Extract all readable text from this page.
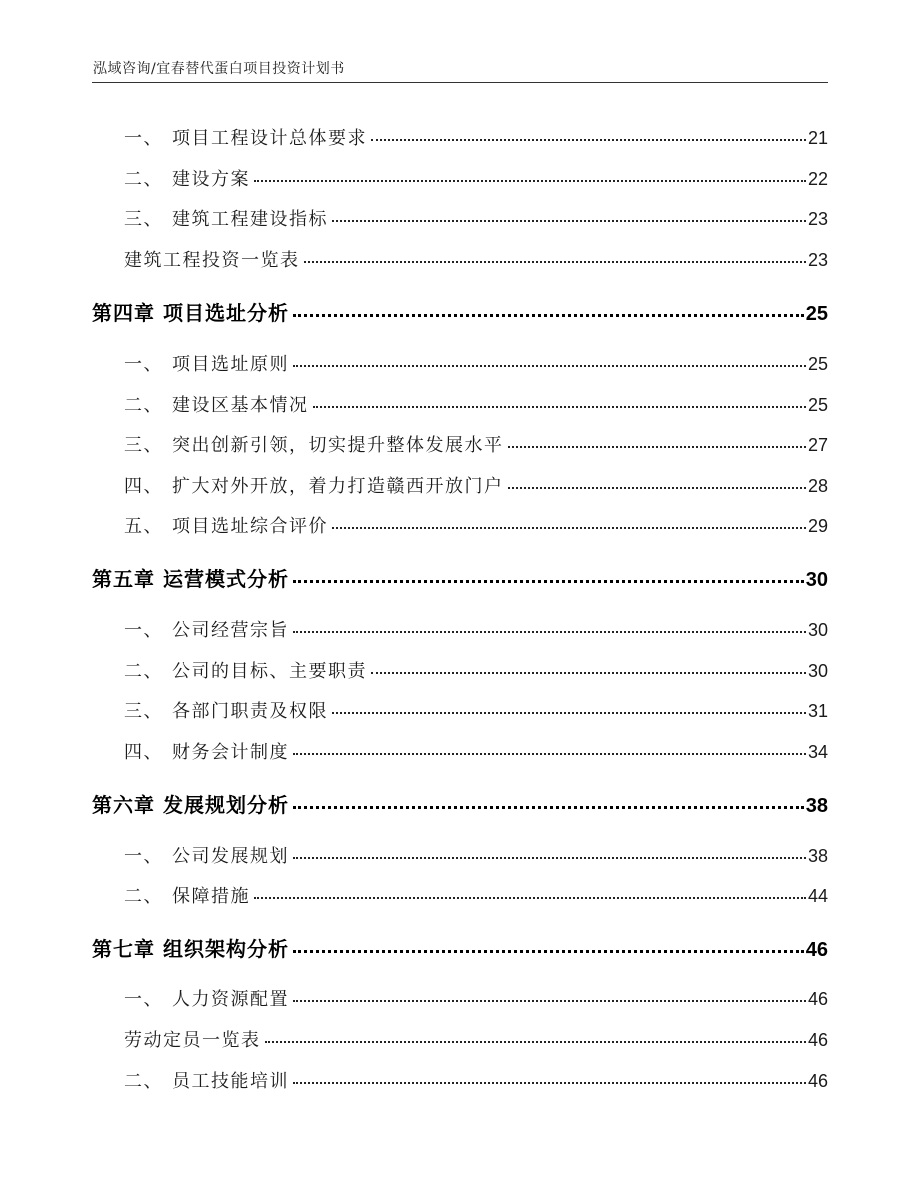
泓域咨询/宜春替代蛋白项目投资计划书
一、 项目工程设计总体要求	21
二、 建设方案	22
三、 建筑工程建设指标	23
建筑工程投资一览表	23
第四章 项目选址分析	25
一、 项目选址原则	25
二、 建设区基本情况	25
三、 突出创新引领，切实提升整体发展水平	27
四、 扩大对外开放，着力打造赣西开放门户	28
五、 项目选址综合评价	29
第五章 运营模式分析	30
一、 公司经营宗旨	30
二、 公司的目标、主要职责	30
三、 各部门职责及权限	31
四、 财务会计制度	34
第六章 发展规划分析	38
一、 公司发展规划	38
二、 保障措施	44
第七章 组织架构分析	46
一、 人力资源配置	46
劳动定员一览表	46
二、 员工技能培训	46
